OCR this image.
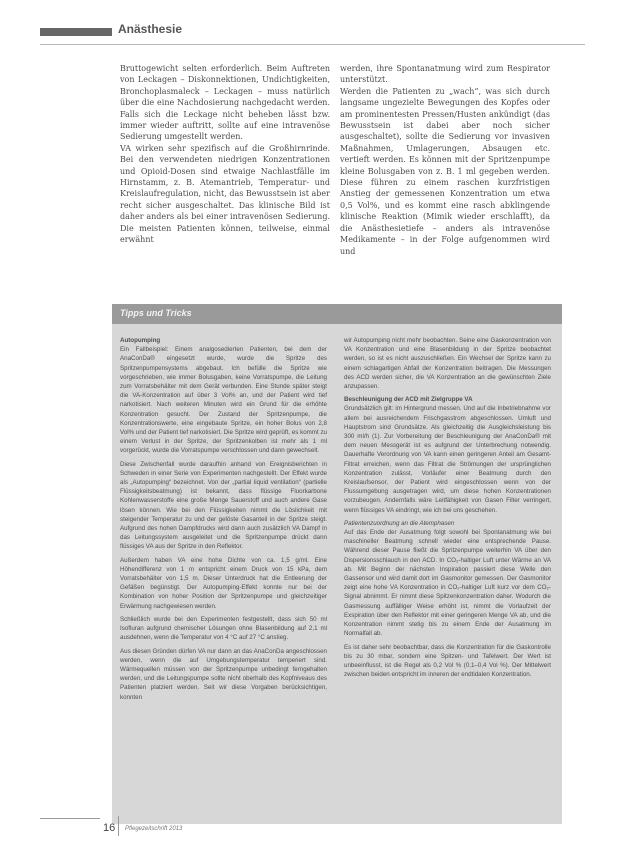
Anästhesie

Bruttogewicht selten erforderlich. Beim Auftreten von Leckagen – Diskonnektionen, Undichtigkeiten, Bronchoplasmaleck – Leckagen – muss natürlich über die eine Nachdosierung nachgedacht werden. Falls sich die Leckage nicht beheben lässt bzw. immer wieder auftritt, sollte auf eine intravenöse Sedierung umgestellt werden.

VA wirken sehr spezifisch auf die Großhirnrinde. Bei den verwendeten niedrigen Konzentrationen und Opioid-Dosen sind etwaige Nachlastfälle im Hirnstamm, z. B. Atemantrieb, Temperatur- und Kreislaufregulation, nicht, das Bewusstsein ist aber recht sicher ausgeschaltet. Das klinische Bild ist daher anders als bei einer intravenösen Sedierung. Die meisten Patienten können, teilweise, einmal erwähnt

werden, ihre Spontanatmung wird zum Respirator unterstützt.

Werden die Patienten zu „wach“, was sich durch langsame ungezielte Bewegungen des Kopfes oder am prominentesten Pressen/Husten ankündigt (das Bewusstsein ist dabei aber noch sicher ausgeschaltet), sollte die Sedierung vor invasiven Maßnahmen, Umlagerungen, Absaugen etc. vertieft werden. Es können mit der Spritzenpumpe kleine Bolusgaben von z. B. 1 ml gegeben werden. Diese führen zu einem raschen kurzfristigen Anstieg der gemessenen Konzentration um etwa 0,5 Vol%, und es kommt eine rasch abklingende klinische Reaktion (Mimik wieder erschlafft), da die Anästhesietiefe – anders als intravenöse Medikamente – in der Folge aufgenommen wird und

Tipps und Tricks

Autopumping

Ein Fallbeispiel: Einem analgosedierten Patienten, bei dem der AnaConDa® eingesetzt wurde, wurde die Spritze des Spritzenpumpensystems abgebaut. Ich befülle die Spritze wie vorgeschrieben, wie immer Bolusgaben, keine Vorratspumpe, die Leitung zum Vorratsbehälter mit dem Gerät verbunden. Eine Stunde später steigt die VA-Konzentration auf über 3 Vol% an, und der Patient wird tief narkotisiert. Nach weiteren Minuten wird ein Grund für die erhöhte Konzentration gesucht. Der Zustand der Spritzenpumpe, die Konzentrationswerte, eine eingebaute Spritze, ein hoher Bolus von 2,8 Vol% und der Patient tief narkotisiert. Die Spritze wird geprüft, es kommt zu einem Verlust in der Spritze, der Spritzenkolben ist mehr als 1 ml vorgerückt, wurde die Vorratspumpe verschlossen und dann gewechselt.

Diese Zwischenfall wurde daraufhin anhand von Ereignisberichten in Schweden in einer Serie von Experimenten nachgestellt. Der Effekt wurde als „Autopumping“ bezeichnet. Von der „partial liquid ventilation“ (partielle Flüssigkeitsbeatmung) ist bekannt, dass flüssige Fluorkarbone Kohlenwasserstoffe eine große Menge Sauerstoff und auch andere Gase lösen können. Wie bei den Flüssigkeiten nimmt die Löslichkeit mit steigender Temperatur zu und der gelöste Gasanteil in der Spritze steigt. Aufgrund des hohen Dampfdrucks wird dann auch zusätzlich VA Dampf in das Leitungssystem ausgeleitet und die Spritzenpumpe drückt dann flüssiges VA aus der Spritze in den Reflektor.

Außerdem haben VA eine hohe Dichte von ca. 1,5 g/ml. Eine Höhendifferenz von 1 m entspricht einem Druck von 15 kPa, dem Vorratsbehälter von 1,5 m. Dieser Unterdruck hat die Entleerung der Gefäßen begünstigt. Der Autopumping-Effekt konnte nur bei der Kombination von hoher Position der Spritzenpumpe und gleichzeitiger Erwärmung nachgewiesen werden.

Schließlich wurde bei den Experimenten festgestellt, dass sich 50 ml Isofluran aufgrund chemischer Lösungen ohne Blasenbildung auf 2,1 ml ausdehnen, wenn die Temperatur von 4 °C auf 27 °C anstieg.

Aus diesen Gründen dürfen VA nur dann an das AnaConDa angeschlossen werden, wenn die auf Umgebungstemperatur temperiert sind. Wärmequellen müssen von der Spritzenpumpe unbedingt ferngehalten werden, und die Leitungspumpe sollte nicht oberhalb des Kopfniveaus des Patienten platziert werden. Seit wir diese Vorgaben berücksichtigen, konnten

wir Autopumping nicht mehr beobachten. Seine eine Gaskonzentration von VA Konzentration und eine Blasenbildung in der Spritze beobachtet werden, so ist es nicht auszuschließen. Ein Wechsel der Spritze kann zu einem schlagartigen Abfall der Konzentration beitragen. Die Messungen des ACD werden sicher, die VA Konzentration an die gewünschten Ziele anzupassen.

Beschleunigung der ACD mit Zielgruppe VA

Grundsätzlich gilt: im Hintergrund messen. Und auf die Inbetriebnahme vor allem bei ausreichendem Frischgasstrom abgeschlossen. Umluft und Hauptstrom sind Grundsätze. Als gleichzeitig die Ausgleichsleistung bis 300 ml/h (1). Zur Vorbereitung der Beschleunigung der AnaConDa® mit dem neuen Messgerät ist es aufgrund der Unterbrechung notwendig. Dauerhafte Verordnung von VA kann einen geringeren Anteil am Gesamt-Filtrat erreichen, wenn das Filtrat die Strömungen der ursprünglichen Konzentration zulässt, Vorläufer einer Beatmung durch den Kreislaufsensor, der Patient wird eingeschlossen wenn von der Flussumgebung ausgetragen wird, um diese hohen Konzentrationen vorzubeugen. Andernfalls wäre Leitfähigkeit von Gasen Filter verringert, wenn flüssiges VA eindringt, wie ich bei uns geschehen.

Patientenzuordnung an die Atemphasen

Auf das Ende der Ausatmung folgt sowohl bei Spontanatmung wie bei maschineller Beatmung schnell wieder eine entsprechende Pause. Während dieser Pause fließt die Spritzenpumpe weiterhin VA über den Dispersionsschlauch in den ACD. In CO₂-haltiger Luft unter Wärme an VA ab. Mit Beginn der nächsten Inspiration passiert diese Welle den Gassensor und wird damit dort im Gasmonitor gemessen. Der Gasmonitor zeigt eine hohe VA Konzentration in CO₂-haltiger Luft kurz vor dem CO₂-Signal abnimmt. Er nimmt diese Spitzenkonzentration daher. Wodurch die Gasmessung auffälliger Weise erhöht ist, nimmt die Vorlaufzeit der Exspiration über den Reflektor mit einer geringeren Menge VA ab, und die Konzentration nimmt stetig bis zu einem Ende der Ausatmung im Normalfall ab.

Es ist daher sehr beobachtbar, dass die Konzentration für die Gaskontrolle bis zu 30 mbar, sondern eine Spitzen- und Tafelwert. Der Wert ist unbeeinflusst, ist die Regel als 0,2 Vol % (0,1–0,4 Vol %). Der Mittelwert zwischen beiden entspricht im inneren der endtidalen Konzentration.

16 Pflegezeitschrift 2013
